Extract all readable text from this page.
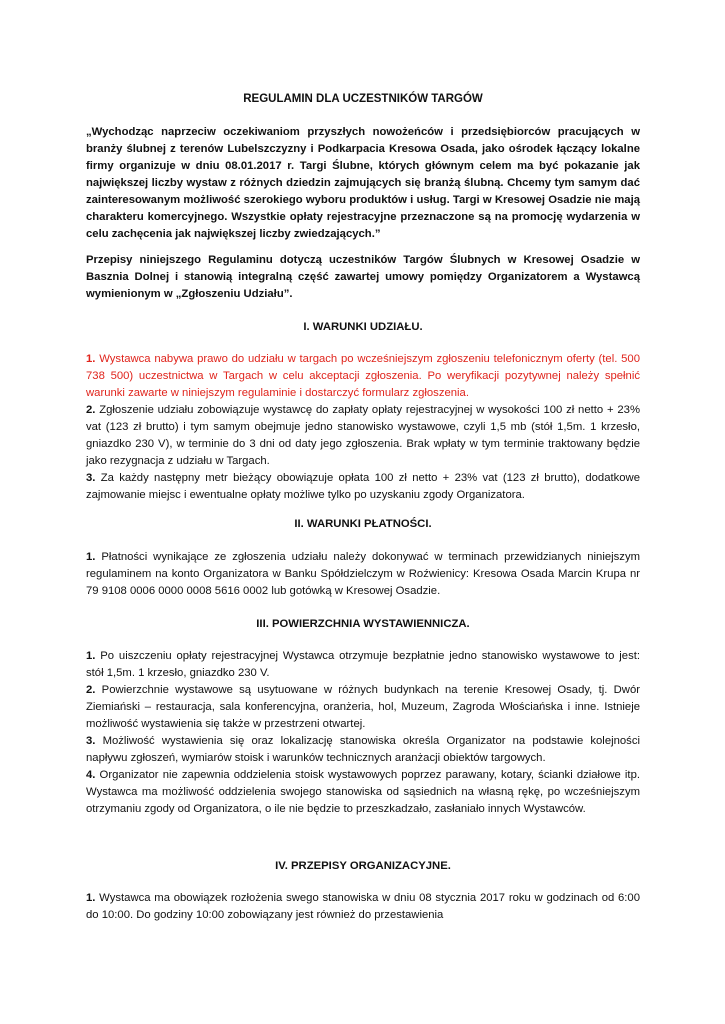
REGULAMIN DLA UCZESTNIKÓW TARGÓW

„Wychodząc naprzeciw oczekiwaniom przyszłych nowożeńców i przedsiębiorców pracujących w branży ślubnej z terenów Lubelszczyzny i Podkarpacia Kresowa Osada, jako ośrodek łączący lokalne firmy organizuje w dniu 08.01.2017 r. Targi Ślubne, których głównym celem ma być pokazanie jak największej liczby wystaw z różnych dziedzin zajmujących się branżą ślubną. Chcemy tym samym dać zainteresowanym możliwość szerokiego wyboru produktów i usług. Targi w Kresowej Osadzie nie mają charakteru komercyjnego. Wszystkie opłaty rejestracyjne przeznaczone są na promocję wydarzenia w celu zachęcenia jak największej liczby zwiedzających.”

Przepisy niniejszego Regulaminu dotyczą uczestników Targów Ślubnych w Kresowej Osadzie w Basznia Dolnej i stanowią integralną część zawartej umowy pomiędzy Organizatorem a Wystawcą wymienionym w „Zgłoszeniu Udziału”.

I. WARUNKI UDZIAŁU.

1. Wystawca nabywa prawo do udziału w targach po wcześniejszym zgłoszeniu telefonicznym oferty (tel. 500 738 500) uczestnictwa w Targach w celu akceptacji zgłoszenia. Po weryfikacji pozytywnej należy spełnić warunki zawarte w niniejszym regulaminie i dostarczyć formularz zgłoszenia.

2. Zgłoszenie udziału zobowiązuje wystawcę do zapłaty opłaty rejestracyjnej w wysokości 100 zł netto + 23% vat (123 zł brutto) i tym samym obejmuje jedno stanowisko wystawowe, czyli 1,5 mb (stół 1,5m. 1 krzesło, gniazdko 230 V), w terminie do 3 dni od daty jego zgłoszenia. Brak wpłaty w tym terminie traktowany będzie jako rezygnacja z udziału w Targach.

3. Za każdy następny metr bieżący obowiązuje opłata 100 zł netto + 23% vat (123 zł brutto), dodatkowe zajmowanie miejsc i ewentualne opłaty możliwe tylko po uzyskaniu zgody Organizatora.

II. WARUNKI PŁATNOŚCI.

1. Płatności wynikające ze zgłoszenia udziału należy dokonywać w terminach przewidzianych niniejszym regulaminem na konto Organizatora w Banku Spółdzielczym w Roźwienicy: Kresowa Osada Marcin Krupa nr 79 9108 0006 0000 0008 5616 0002 lub gotówką w Kresowej Osadzie.

III. POWIERZCHNIA WYSTAWIENNICZA.

1. Po uiszczeniu opłaty rejestracyjnej Wystawca otrzymuje bezpłatnie jedno stanowisko wystawowe to jest: stół 1,5m. 1 krzesło, gniazdko 230 V.

2. Powierzchnie wystawowe są usytuowane w różnych budynkach na terenie Kresowej Osady, tj. Dwór Ziemiański – restauracja, sala konferencyjna, oranżeria, hol, Muzeum, Zagroda Włościańska i inne. Istnieje możliwość wystawienia się także w przestrzeni otwartej.

3. Możliwość wystawienia się oraz lokalizację stanowiska określa Organizator na podstawie kolejności napływu zgłoszeń, wymiarów stoisk i warunków technicznych aranżacji obiektów targowych.

4. Organizator nie zapewnia oddzielenia stoisk wystawowych poprzez parawany, kotary, ścianki działowe itp. Wystawca ma możliwość oddzielenia swojego stanowiska od sąsiednich na własną rękę, po wcześniejszym otrzymaniu zgody od Organizatora, o ile nie będzie to przeszkadzało, zasłaniało innych Wystawców.

IV. PRZEPISY ORGANIZACYJNE.

1. Wystawca ma obowiązek rozłożenia swego stanowiska w dniu 08 stycznia 2017 roku w godzinach od 6:00 do 10:00. Do godziny 10:00 zobowiązany jest również do przestawienia
